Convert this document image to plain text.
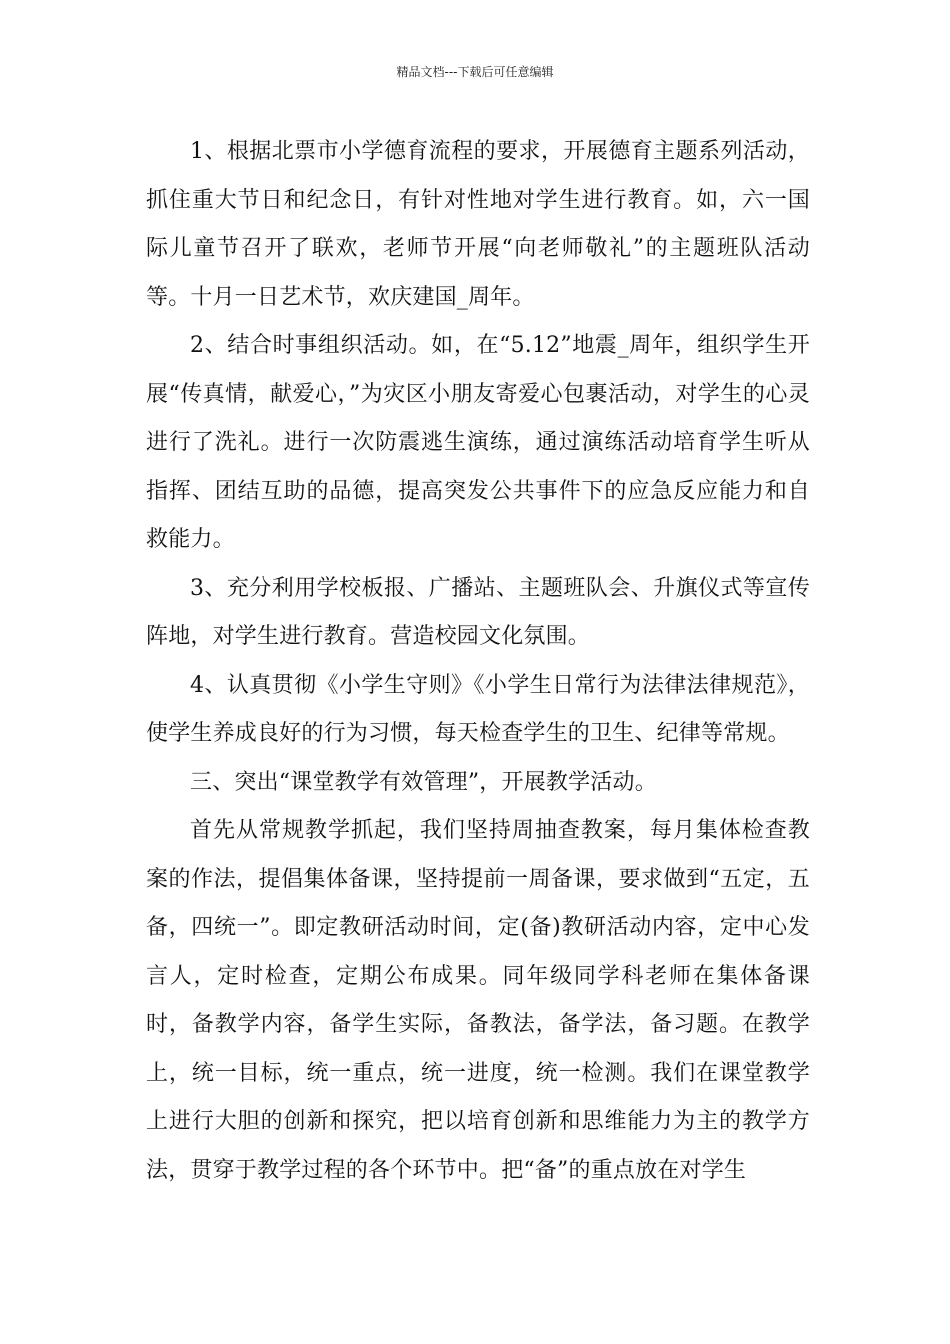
精品文档---下载后可任意编辑

1、根据北票市小学德育流程的要求，开展德育主题系列活动，抓住重大节日和纪念日，有针对性地对学生进行教育。如，六一国际儿童节召开了联欢，老师节开展“向老师敬礼”的主题班队活动等。十月一日艺术节，欢庆建国_周年。

2、结合时事组织活动。如，在“5.12”地震_周年，组织学生开展“传真情，献爱心，”为灾区小朋友寄爱心包裹活动，对学生的心灵进行了洗礼。进行一次防震逃生演练，通过演练活动培育学生听从指挥、团结互助的品德，提高突发公共事件下的应急反应能力和自救能力。

3、充分利用学校板报、广播站、主题班队会、升旗仪式等宣传阵地，对学生进行教育。营造校园文化氛围。

4、认真贯彻《小学生守则》《小学生日常行为法律法律规范》，使学生养成良好的行为习惯，每天检查学生的卫生、纪律等常规。

三、突出“课堂教学有效管理”，开展教学活动。

首先从常规教学抓起，我们坚持周抽查教案，每月集体检查教案的作法，提倡集体备课，坚持提前一周备课，要求做到“五定，五备，四统一”。即定教研活动时间，定(备)教研活动内容，定中心发言人，定时检查，定期公布成果。同年级同学科老师在集体备课时，备教学内容，备学生实际，备教法，备学法，备习题。在教学上，统一目标，统一重点，统一进度，统一检测。我们在课堂教学上进行大胆的创新和探究，把以培育创新和思维能力为主的教学方法，贯穿于教学过程的各个环节中。把“备”的重点放在对学生
